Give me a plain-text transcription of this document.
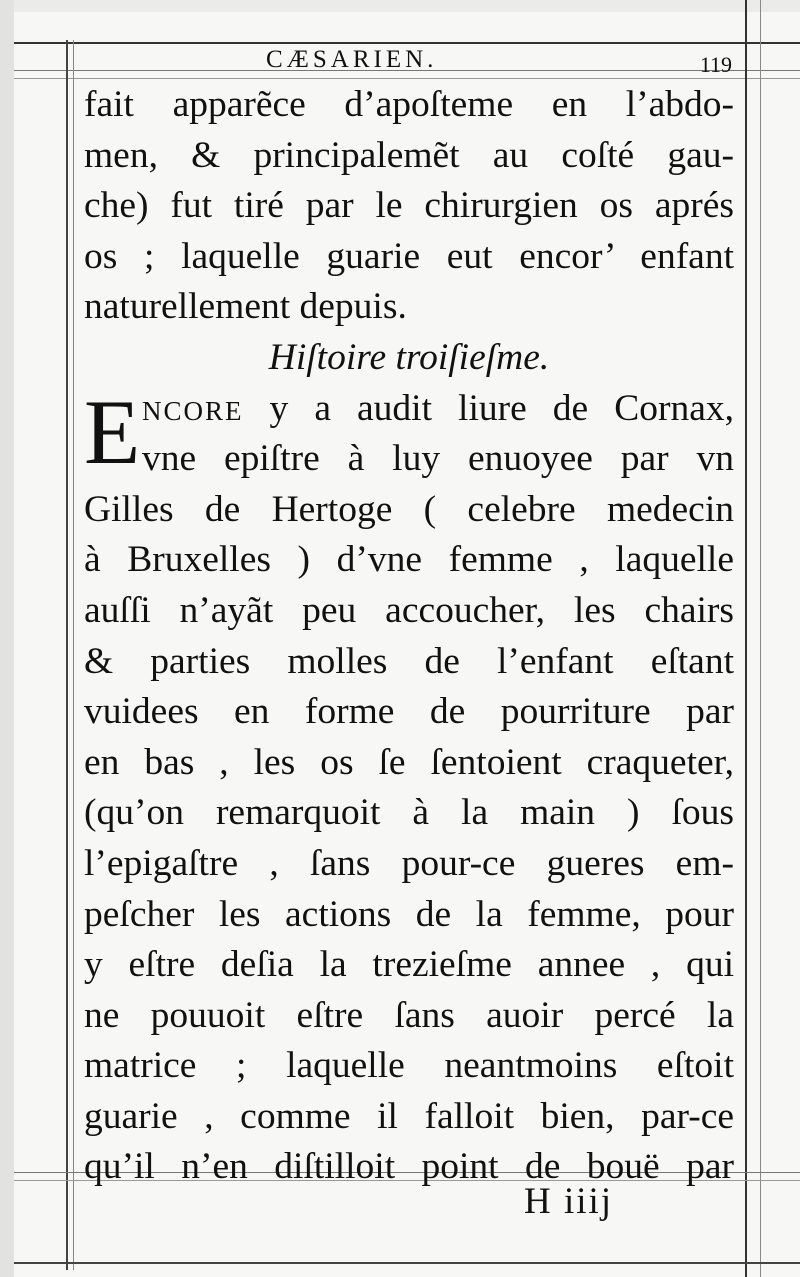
CÆSARIEN.	119
fait apparẽce d’apoſteme en l’abdo-
men, & principalemẽt au coſté gau-
che) fut tiré par le chirurgien os aprés
os ; laquelle guarie eut encor’ enfant
naturellement depuis.
Hiſtoire troiſieſme.
E NCORE y a audit liure de Cornax,
vne epiſtre à luy enuoyee par vn
Gilles de Hertoge ( celebre medecin
à Bruxelles ) d’vne femme , laquelle
auſſi n’ayãt peu accoucher, les chairs
& parties molles de l’enfant eſtant
vuidees en forme de pourriture par
en bas , les os ſe ſentoient craqueter,
(qu’on remarquoit à la main ) ſous
l’epigaſtre , ſans pour-ce gueres em-
peſcher les actions de la femme, pour
y eſtre deſia la trezieſme annee , qui
ne pouuoit eſtre ſans auoir percé la
matrice ; laquelle neantmoins eſtoit
guarie , comme il falloit bien, par-ce
qu’il n’en diſtilloit point de bouë par
H iiij
